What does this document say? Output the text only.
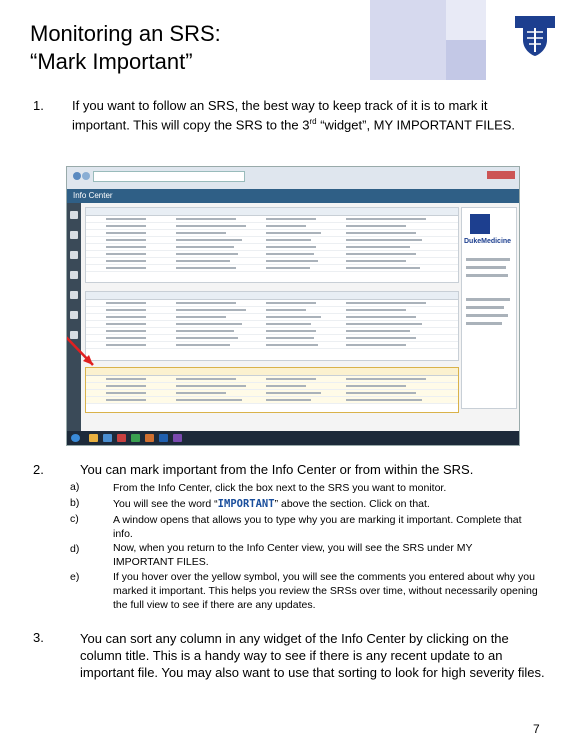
Monitoring an SRS:
“Mark Important”
1. If you want to follow an SRS, the best way to keep track of it is to mark it important. This will copy the SRS to the 3rd “widget”, MY IMPORTANT FILES.
Info Center
DukeMedicine
2.	You can mark important from the Info Center or from within the SRS.
a)	From the Info Center, click the box next to the SRS you want to monitor.
b)	You will see the word “IMPORTANT” above the section. Click on that.
c)	A window opens that allows you to type why you are marking it important. Complete that info.
d)	Now, when you return to the Info Center view, you will see the SRS under MY IMPORTANT FILES.
e)	If you hover over the yellow symbol, you will see the comments you entered about why you marked it important. This helps you review the SRSs over time, without necessarily opening the full view to see if there are any updates.
3.	You can sort any column in any widget of the Info Center by clicking on the column title. This is a handy way to see if there is any recent update to an important file. You may also want to use that sorting to look for high severity files.
7
